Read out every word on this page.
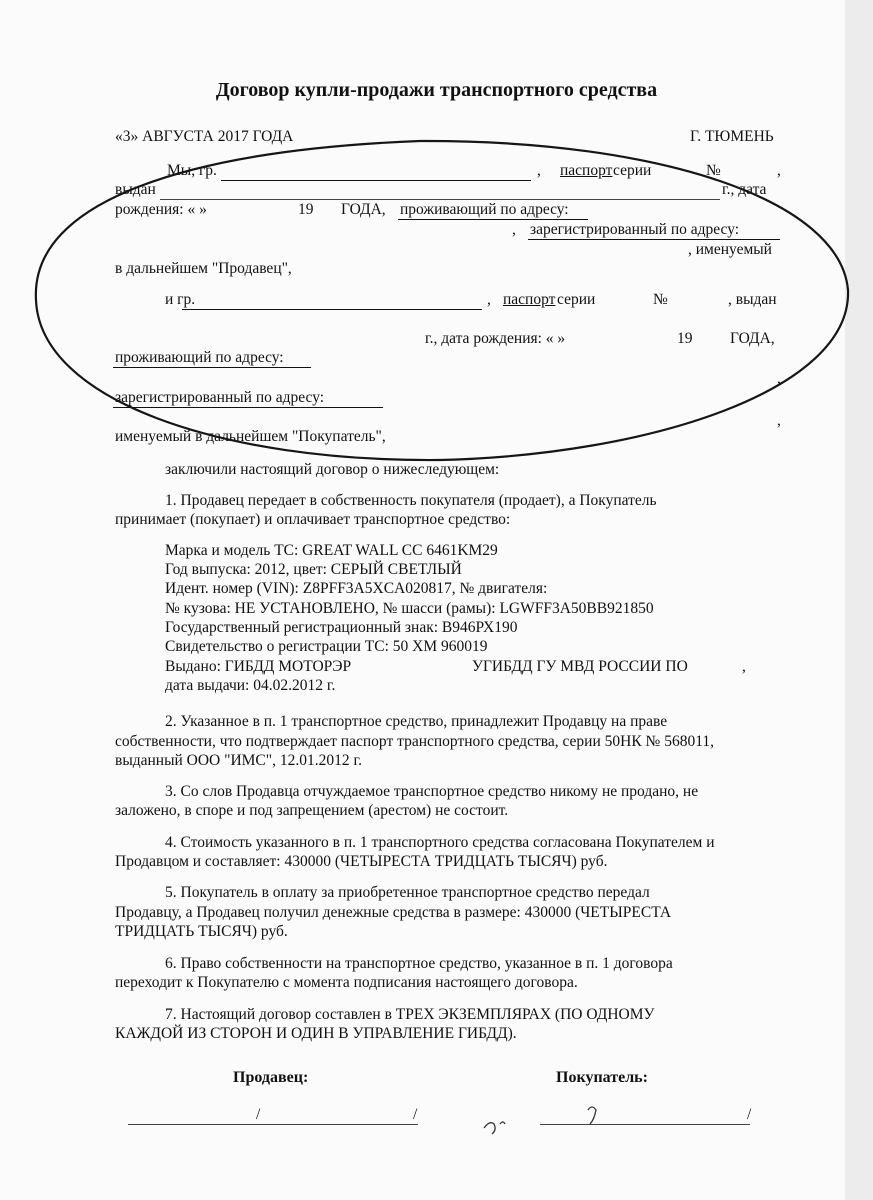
Договор купли-продажи транспортного средства
«3» АВГУСТА 2017 ГОДА	Г. ТЮМЕНЬ
Мы, гр.	, паспорт серии	№	,
выдан	г., дата
рождения: « »	19 ГОДА, проживающий по адресу:
, зарегистрированный по адресу:
, именуемый
в дальнейшем "Продавец",
и гр.	, паспорт серии	№	, выдан
г., дата рождения: « »	19 ГОДА,
проживающий по адресу:
,
зарегистрированный по адресу:
,
именуемый в дальнейшем "Покупатель",
заключили настоящий договор о нижеследующем:
1. Продавец передает в собственность покупателя (продает), а Покупатель
принимает (покупает) и оплачивает транспортное средство:
Марка и модель ТС: GREAT WALL CC 6461KM29
Год выпуска: 2012, цвет: СЕРЫЙ СВЕТЛЫЙ
Идент. номер (VIN): Z8PFF3A5XCA020817, № двигателя:
№ кузова: НЕ УСТАНОВЛЕНО, № шасси (рамы): LGWFF3A50BB921850
Государственный регистрационный знак: В946РХ190
Свидетельство о регистрации ТС: 50 ХМ 960019
Выдано: ГИБДД МОТОРЭР	УГИБДД ГУ МВД РОССИИ ПО	,
дата выдачи: 04.02.2012 г.
2. Указанное в п. 1 транспортное средство, принадлежит Продавцу на праве
собственности, что подтверждает паспорт транспортного средства, серии 50НК № 568011,
выданный ООО "ИМС", 12.01.2012 г.
3. Со слов Продавца отчуждаемое транспортное средство никому не продано, не
заложено, в споре и под запрещением (арестом) не состоит.
4. Стоимость указанного в п. 1 транспортного средства согласована Покупателем и
Продавцом и составляет: 430000 (ЧЕТЫРЕСТА ТРИДЦАТЬ ТЫСЯЧ) руб.
5. Покупатель в оплату за приобретенное транспортное средство передал
Продавцу, а Продавец получил денежные средства в размере: 430000 (ЧЕТЫРЕСТА
ТРИДЦАТЬ ТЫСЯЧ) руб.
6. Право собственности на транспортное средство, указанное в п. 1 договора
переходит к Покупателю с момента подписания настоящего договора.
7. Настоящий договор составлен в ТРЕХ ЭКЗЕМПЛЯРАХ (ПО ОДНОМУ
КАЖДОЙ ИЗ СТОРОН И ОДИН В УПРАВЛЕНИЕ ГИБДД).
Продавец:	Покупатель:
/	/	/
